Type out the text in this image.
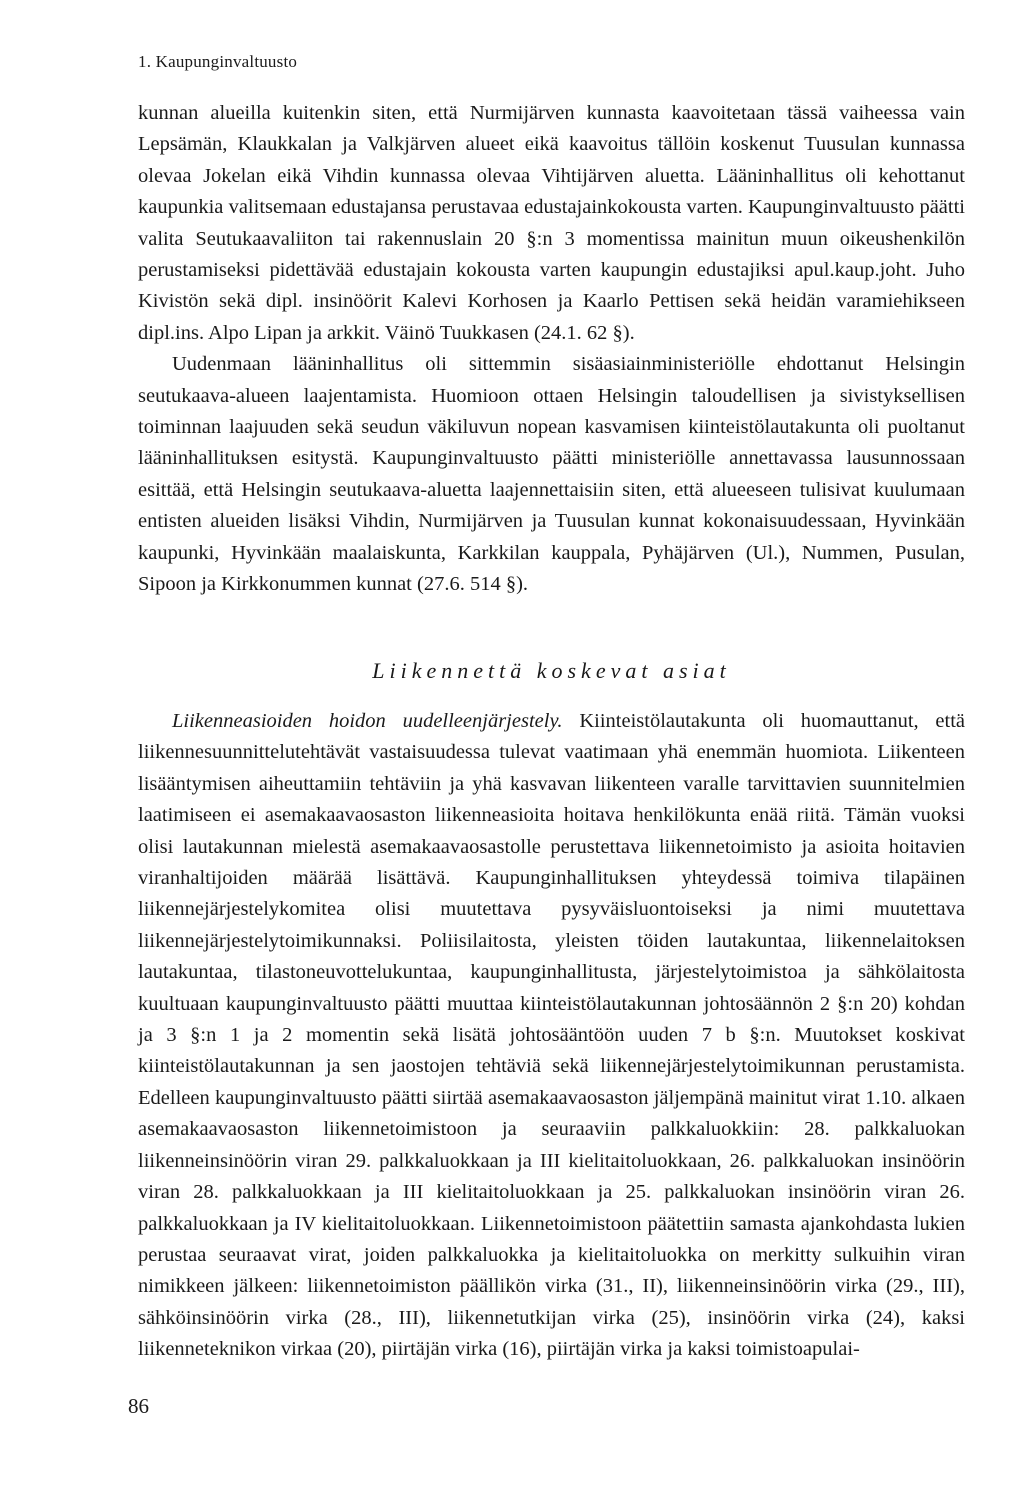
1. Kaupunginvaltuusto

kunnan alueilla kuitenkin siten, että Nurmijärven kunnasta kaavoitetaan tässä vaiheessa vain Lepsämän, Klaukkalan ja Valkjärven alueet eikä kaavoitus tällöin koskenut Tuusulan kunnassa olevaa Jokelan eikä Vihdin kunnassa olevaa Vihtijärven aluetta. Lääninhallitus oli kehottanut kaupunkia valitsemaan edustajansa perustavaa edustajainkokousta varten. Kaupunginvaltuusto päätti valita Seutukaavaliiton tai rakennuslain 20 §:n 3 momentissa mainitun muun oikeushenkilön perustamiseksi pidettävää edustajain kokousta varten kaupungin edustajiksi apul.kaup.joht. Juho Kivistön sekä dipl. insinöörit Kalevi Korhosen ja Kaarlo Pettisen sekä heidän varamiehikseen dipl.ins. Alpo Lipan ja arkkit. Väinö Tuukkasen (24.1. 62 §).

Uudenmaan lääninhallitus oli sittemmin sisäasiainministeriölle ehdottanut Helsingin seutukaava-alueen laajentamista. Huomioon ottaen Helsingin taloudellisen ja sivistyksellisen toiminnan laajuuden sekä seudun väkiluvun nopean kasvamisen kiinteistölautakunta oli puoltanut lääninhallituksen esitystä. Kaupunginvaltuusto päätti ministeriölle annettavassa lausunnossaan esittää, että Helsingin seutukaava-aluetta laajennettaisiin siten, että alueeseen tulisivat kuulumaan entisten alueiden lisäksi Vihdin, Nurmijärven ja Tuusulan kunnat kokonaisuudessaan, Hyvinkään kaupunki, Hyvinkään maalaiskunta, Karkkilan kauppala, Pyhäjärven (Ul.), Nummen, Pusulan, Sipoon ja Kirkkonummen kunnat (27.6. 514 §).

Liikennettä koskevat asiat

Liikenneasioiden hoidon uudelleenjärjestely. Kiinteistölautakunta oli huomauttanut, että liikennesuunnittelutehtävät vastaisuudessa tulevat vaatimaan yhä enemmän huomiota. Liikenteen lisääntymisen aiheuttamiin tehtäviin ja yhä kasvavan liikenteen varalle tarvittavien suunnitelmien laatimiseen ei asemakaavaosaston liikenneasioita hoitava henkilökunta enää riitä. Tämän vuoksi olisi lautakunnan mielestä asemakaavaosastolle perustettava liikennetoimisto ja asioita hoitavien viranhaltijoiden määrää lisättävä. Kaupunginhallituksen yhteydessä toimiva tilapäinen liikennejärjestelykomitea olisi muutettava pysyväisluontoiseksi ja nimi muutettava liikennejärjestelytoimikunnaksi. Poliisilaitosta, yleisten töiden lautakuntaa, liikennelaitoksen lautakuntaa, tilastoneuvottelukuntaa, kaupunginhallitusta, järjestelytoimistoa ja sähkölaitosta kuultuaan kaupunginvaltuusto päätti muuttaa kiinteistölautakunnan johtosäännön 2 §:n 20) kohdan ja 3 §:n 1 ja 2 momentin sekä lisätä johtosääntöön uuden 7 b §:n. Muutokset koskivat kiinteistölautakunnan ja sen jaostojen tehtäviä sekä liikennejärjestelytoimikunnan perustamista. Edelleen kaupunginvaltuusto päätti siirtää asemakaavaosaston jäljempänä mainitut virat 1.10. alkaen asemakaavaosaston liikennetoimistoon ja seuraaviin palkkaluokkiin: 28. palkkaluokan liikenneinsinöörin viran 29. palkkaluokkaan ja III kielitaitoluokkaan, 26. palkkaluokan insinöörin viran 28. palkkaluokkaan ja III kielitaitoluokkaan ja 25. palkkaluokan insinöörin viran 26. palkkaluokkaan ja IV kielitaitoluokkaan. Liikennetoimistoon päätettiin samasta ajankohdasta lukien perustaa seuraavat virat, joiden palkkaluokka ja kielitaitoluokka on merkitty sulkuihin viran nimikkeen jälkeen: liikennetoimiston päällikön virka (31., II), liikenneinsinöörin virka (29., III), sähköinsinöörin virka (28., III), liikennetutkijan virka (25), insinöörin virka (24), kaksi liikenneteknikon virkaa (20), piirtäjän virka (16), piirtäjän virka ja kaksi toimistoapulai-

86
